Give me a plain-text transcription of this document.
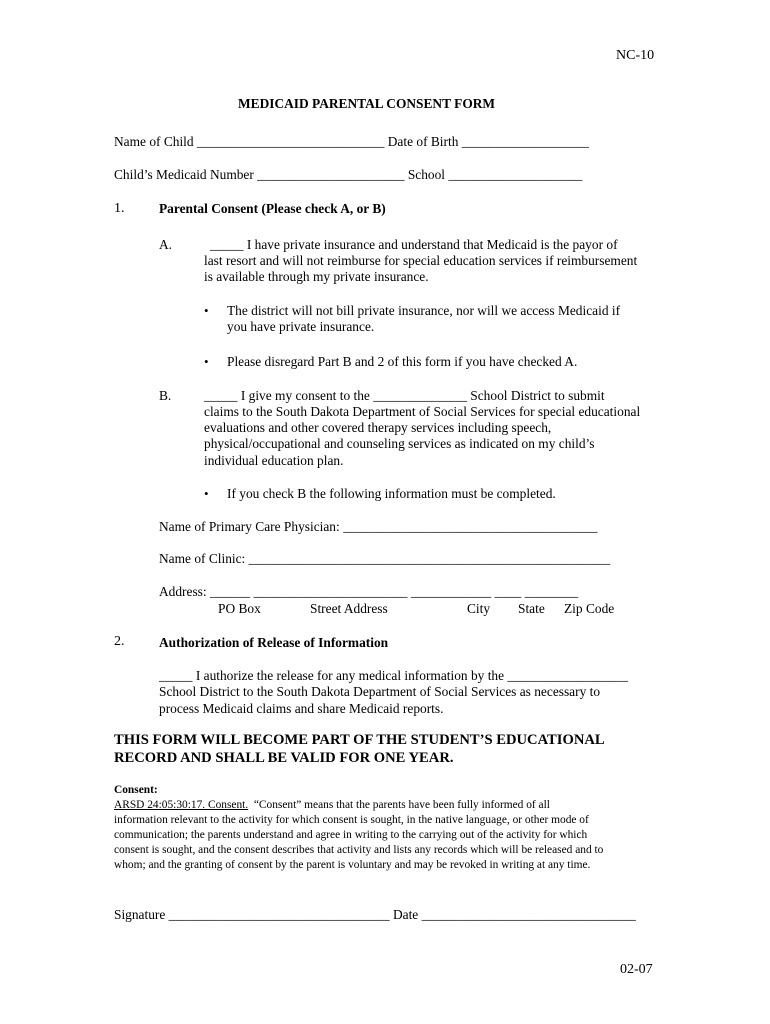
NC-10
MEDICAID PARENTAL CONSENT FORM
Name of Child ____________________________ Date of Birth ___________________
Child’s Medicaid Number ______________________ School ____________________
1.	Parental Consent (Please check A, or B)
A.	_____ I have private insurance and understand that Medicaid is the payor of
last resort and will not reimburse for special education services if reimbursement
is available through my private insurance.
• The district will not bill private insurance, nor will we access Medicaid if
you have private insurance.
• Please disregard Part B and 2 of this form if you have checked A.
B. _____ I give my consent to the ______________ School District to submit
claims to the South Dakota Department of Social Services for special educational
evaluations and other covered therapy services including speech,
physical/occupational and counseling services as indicated on my child’s
individual education plan.
• If you check B the following information must be completed.
Name of Primary Care Physician: ______________________________________
Name of Clinic: ______________________________________________________
Address: ______ _______________________ ____________ ____ ________
PO Box	Street Address	City State Zip Code
2.	Authorization of Release of Information
_____ I authorize the release for any medical information by the __________________
School District to the South Dakota Department of Social Services as necessary to
process Medicaid claims and share Medicaid reports.
THIS FORM WILL BECOME PART OF THE STUDENT’S EDUCATIONAL
RECORD AND SHALL BE VALID FOR ONE YEAR.
Consent:
ARSD 24:05:30:17. Consent.  “Consent” means that the parents have been fully informed of all
information relevant to the activity for which consent is sought, in the native language, or other mode of
communication; the parents understand and agree in writing to the carrying out of the activity for which
consent is sought, and the consent describes that activity and lists any records which will be released and to
whom; and the granting of consent by the parent is voluntary and may be revoked in writing at any time.
Signature _________________________________ Date ________________________________
02-07
